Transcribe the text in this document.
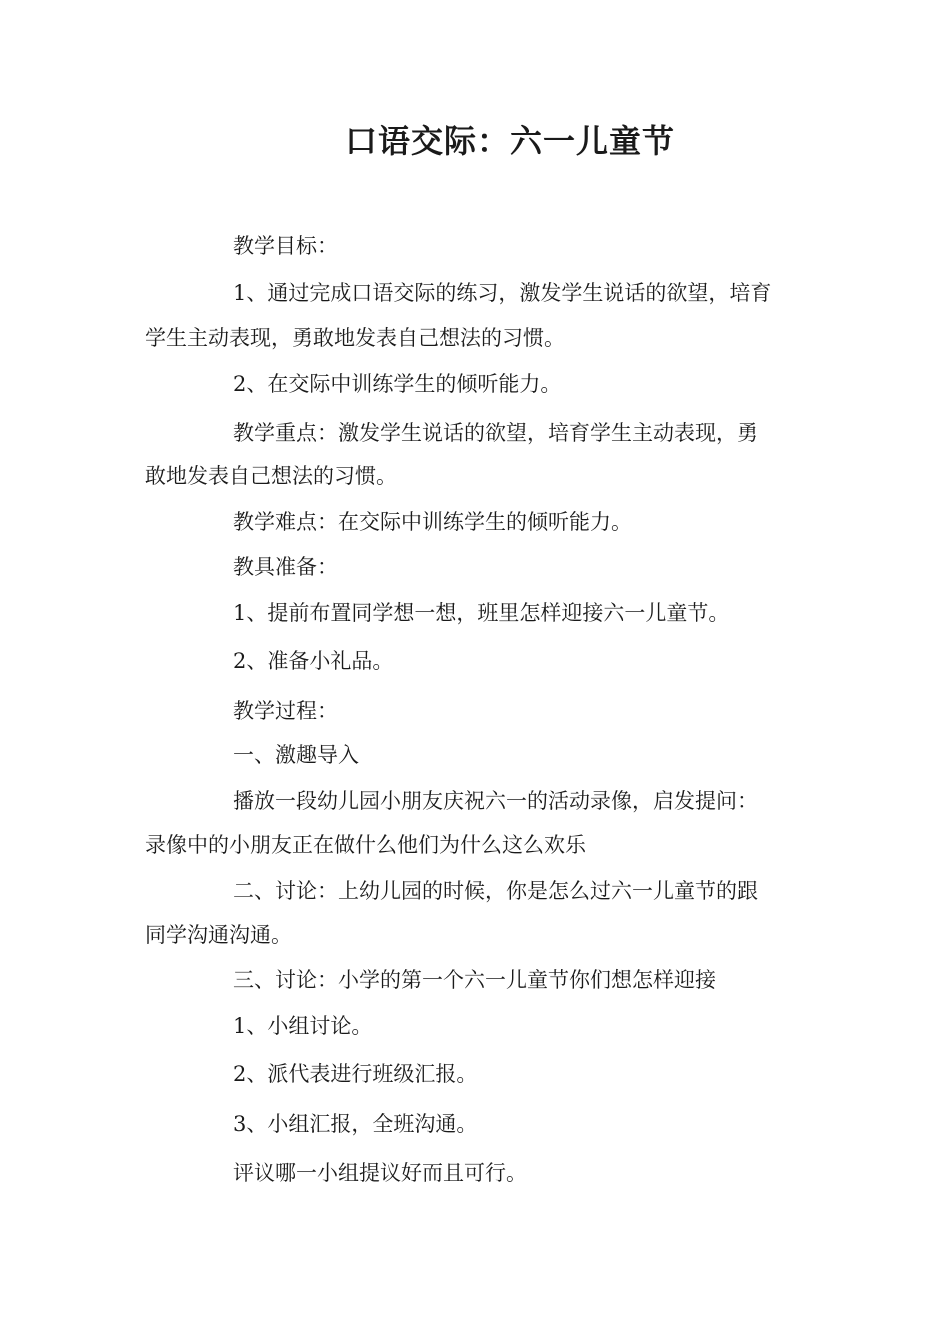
口语交际：六一儿童节
教学目标：
1、通过完成口语交际的练习，激发学生说话的欲望，培育
学生主动表现，勇敢地发表自己想法的习惯。
2、在交际中训练学生的倾听能力。
教学重点：激发学生说话的欲望，培育学生主动表现，勇
敢地发表自己想法的习惯。
教学难点：在交际中训练学生的倾听能力。
教具准备：
1、提前布置同学想一想，班里怎样迎接六一儿童节。
2、准备小礼品。
教学过程：
一、激趣导入
播放一段幼儿园小朋友庆祝六一的活动录像，启发提问：
录像中的小朋友正在做什么他们为什么这么欢乐
二、讨论：上幼儿园的时候，你是怎么过六一儿童节的跟
同学沟通沟通。
三、讨论：小学的第一个六一儿童节你们想怎样迎接
1、小组讨论。
2、派代表进行班级汇报。
3、小组汇报，全班沟通。
评议哪一小组提议好而且可行。
